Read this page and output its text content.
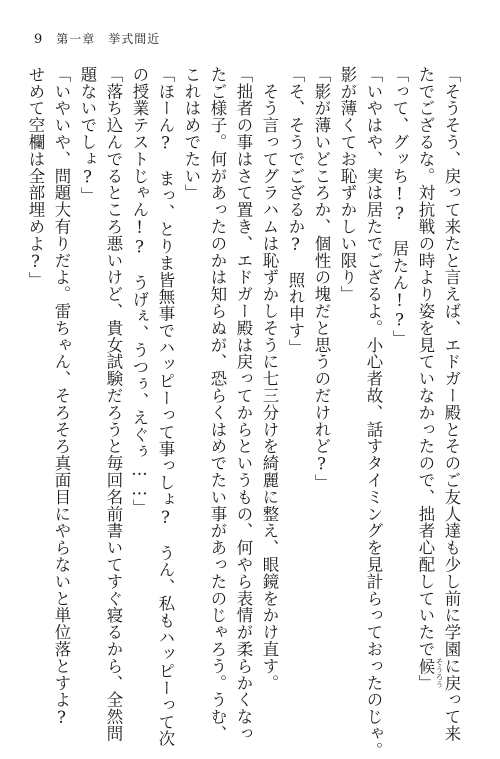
9 第一章　挙式間近
「そうそう、戻って来たと言えば、エドガー殿とそのご友人達も少し前に学園に戻って来
たでござるな。対抗戦の時より姿を見ていなかったので、拙者心配していたで候 そうろう
」
「って、グッち!?　居たん!?」
「いやはや、実は居たでござるよ。小心者故、話すタイミングを見計らっておったのじゃ。
影が薄くてお恥ずかしい限り」
「影が薄いどころか、個性の塊だと思うのだけれど?」
「そ、そうでござるか?　照れ申す」
　そう言ってグラハムは恥ずかしそうに七三分けを綺麗に整え、眼鏡をかけ直す。
「拙者の事はさて置き、エドガー殿は戻ってからというもの、何やら表情が柔らかくなっ
たご様子。何があったのかは知らぬが、恐らくはめでたい事があったのじゃろう。うむ、
これはめでたい」
「ほーん?　まっ、とりま皆無事でハッピーって事っしょ?　うん、私もハッピーって次
の授業テストじゃん!?　うげぇ、うつぅ、えぐぅ……」
「落ち込んでるところ悪いけど、貴女試験だろうと毎回名前書いてすぐ寝るから、全然問
題ないでしょ?」
「いやいや、問題大有りだよ。雷ちゃん、そろそろ真面目にやらないと単位落とすよ?
せめて空欄は全部埋めよ?」
